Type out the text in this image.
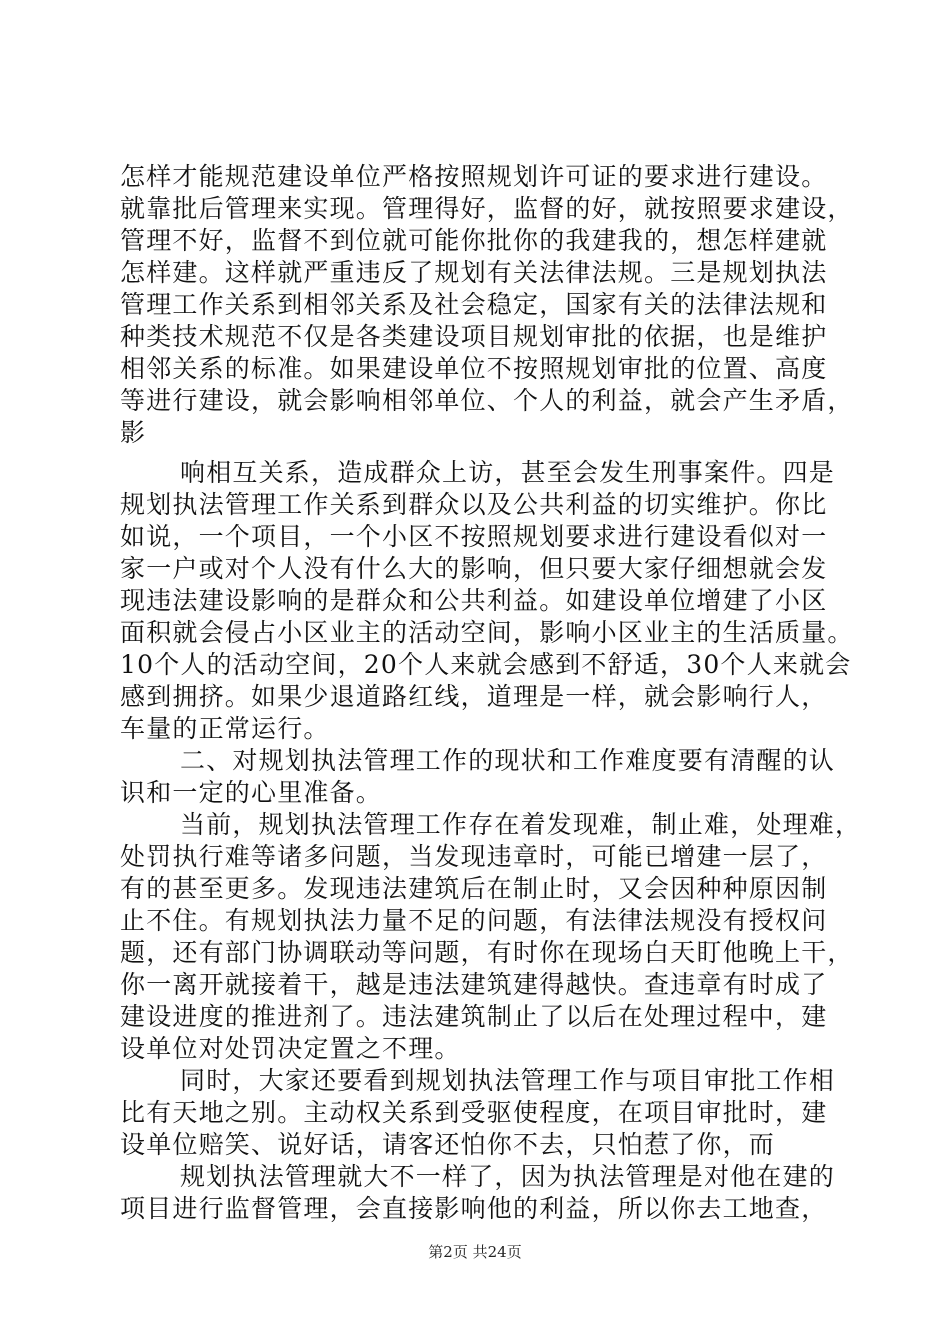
怎样才能规范建设单位严格按照规划许可证的要求进行建设。
就靠批后管理来实现。管理得好，监督的好，就按照要求建设，
管理不好，监督不到位就可能你批你的我建我的，想怎样建就
怎样建。这样就严重违反了规划有关法律法规。三是规划执法
管理工作关系到相邻关系及社会稳定，国家有关的法律法规和
种类技术规范不仅是各类建设项目规划审批的依据，也是维护
相邻关系的标准。如果建设单位不按照规划审批的位置、高度
等进行建设，就会影响相邻单位、个人的利益，就会产生矛盾，
影
响相互关系，造成群众上访，甚至会发生刑事案件。四是
规划执法管理工作关系到群众以及公共利益的切实维护。你比
如说，一个项目，一个小区不按照规划要求进行建设看似对一
家一户或对个人没有什么大的影响，但只要大家仔细想就会发
现违法建设影响的是群众和公共利益。如建设单位增建了小区
面积就会侵占小区业主的活动空间，影响小区业主的生活质量。
10个人的活动空间，20个人来就会感到不舒适，30个人来就会
感到拥挤。如果少退道路红线，道理是一样，就会影响行人，
车量的正常运行。
二、对规划执法管理工作的现状和工作难度要有清醒的认
识和一定的心里准备。
当前，规划执法管理工作存在着发现难，制止难，处理难，
处罚执行难等诸多问题，当发现违章时，可能已增建一层了，
有的甚至更多。发现违法建筑后在制止时，又会因种种原因制
止不住。有规划执法力量不足的问题，有法律法规没有授权问
题，还有部门协调联动等问题，有时你在现场白天盯他晚上干，
你一离开就接着干，越是违法建筑建得越快。查违章有时成了
建设进度的推进剂了。违法建筑制止了以后在处理过程中，建
设单位对处罚决定置之不理。
同时，大家还要看到规划执法管理工作与项目审批工作相
比有天地之别。主动权关系到受驱使程度，在项目审批时，建
设单位赔笑、说好话，请客还怕你不去，只怕惹了你，而
规划执法管理就大不一样了，因为执法管理是对他在建的
项目进行监督管理，会直接影响他的利益，所以你去工地查，
第2页 共24页
